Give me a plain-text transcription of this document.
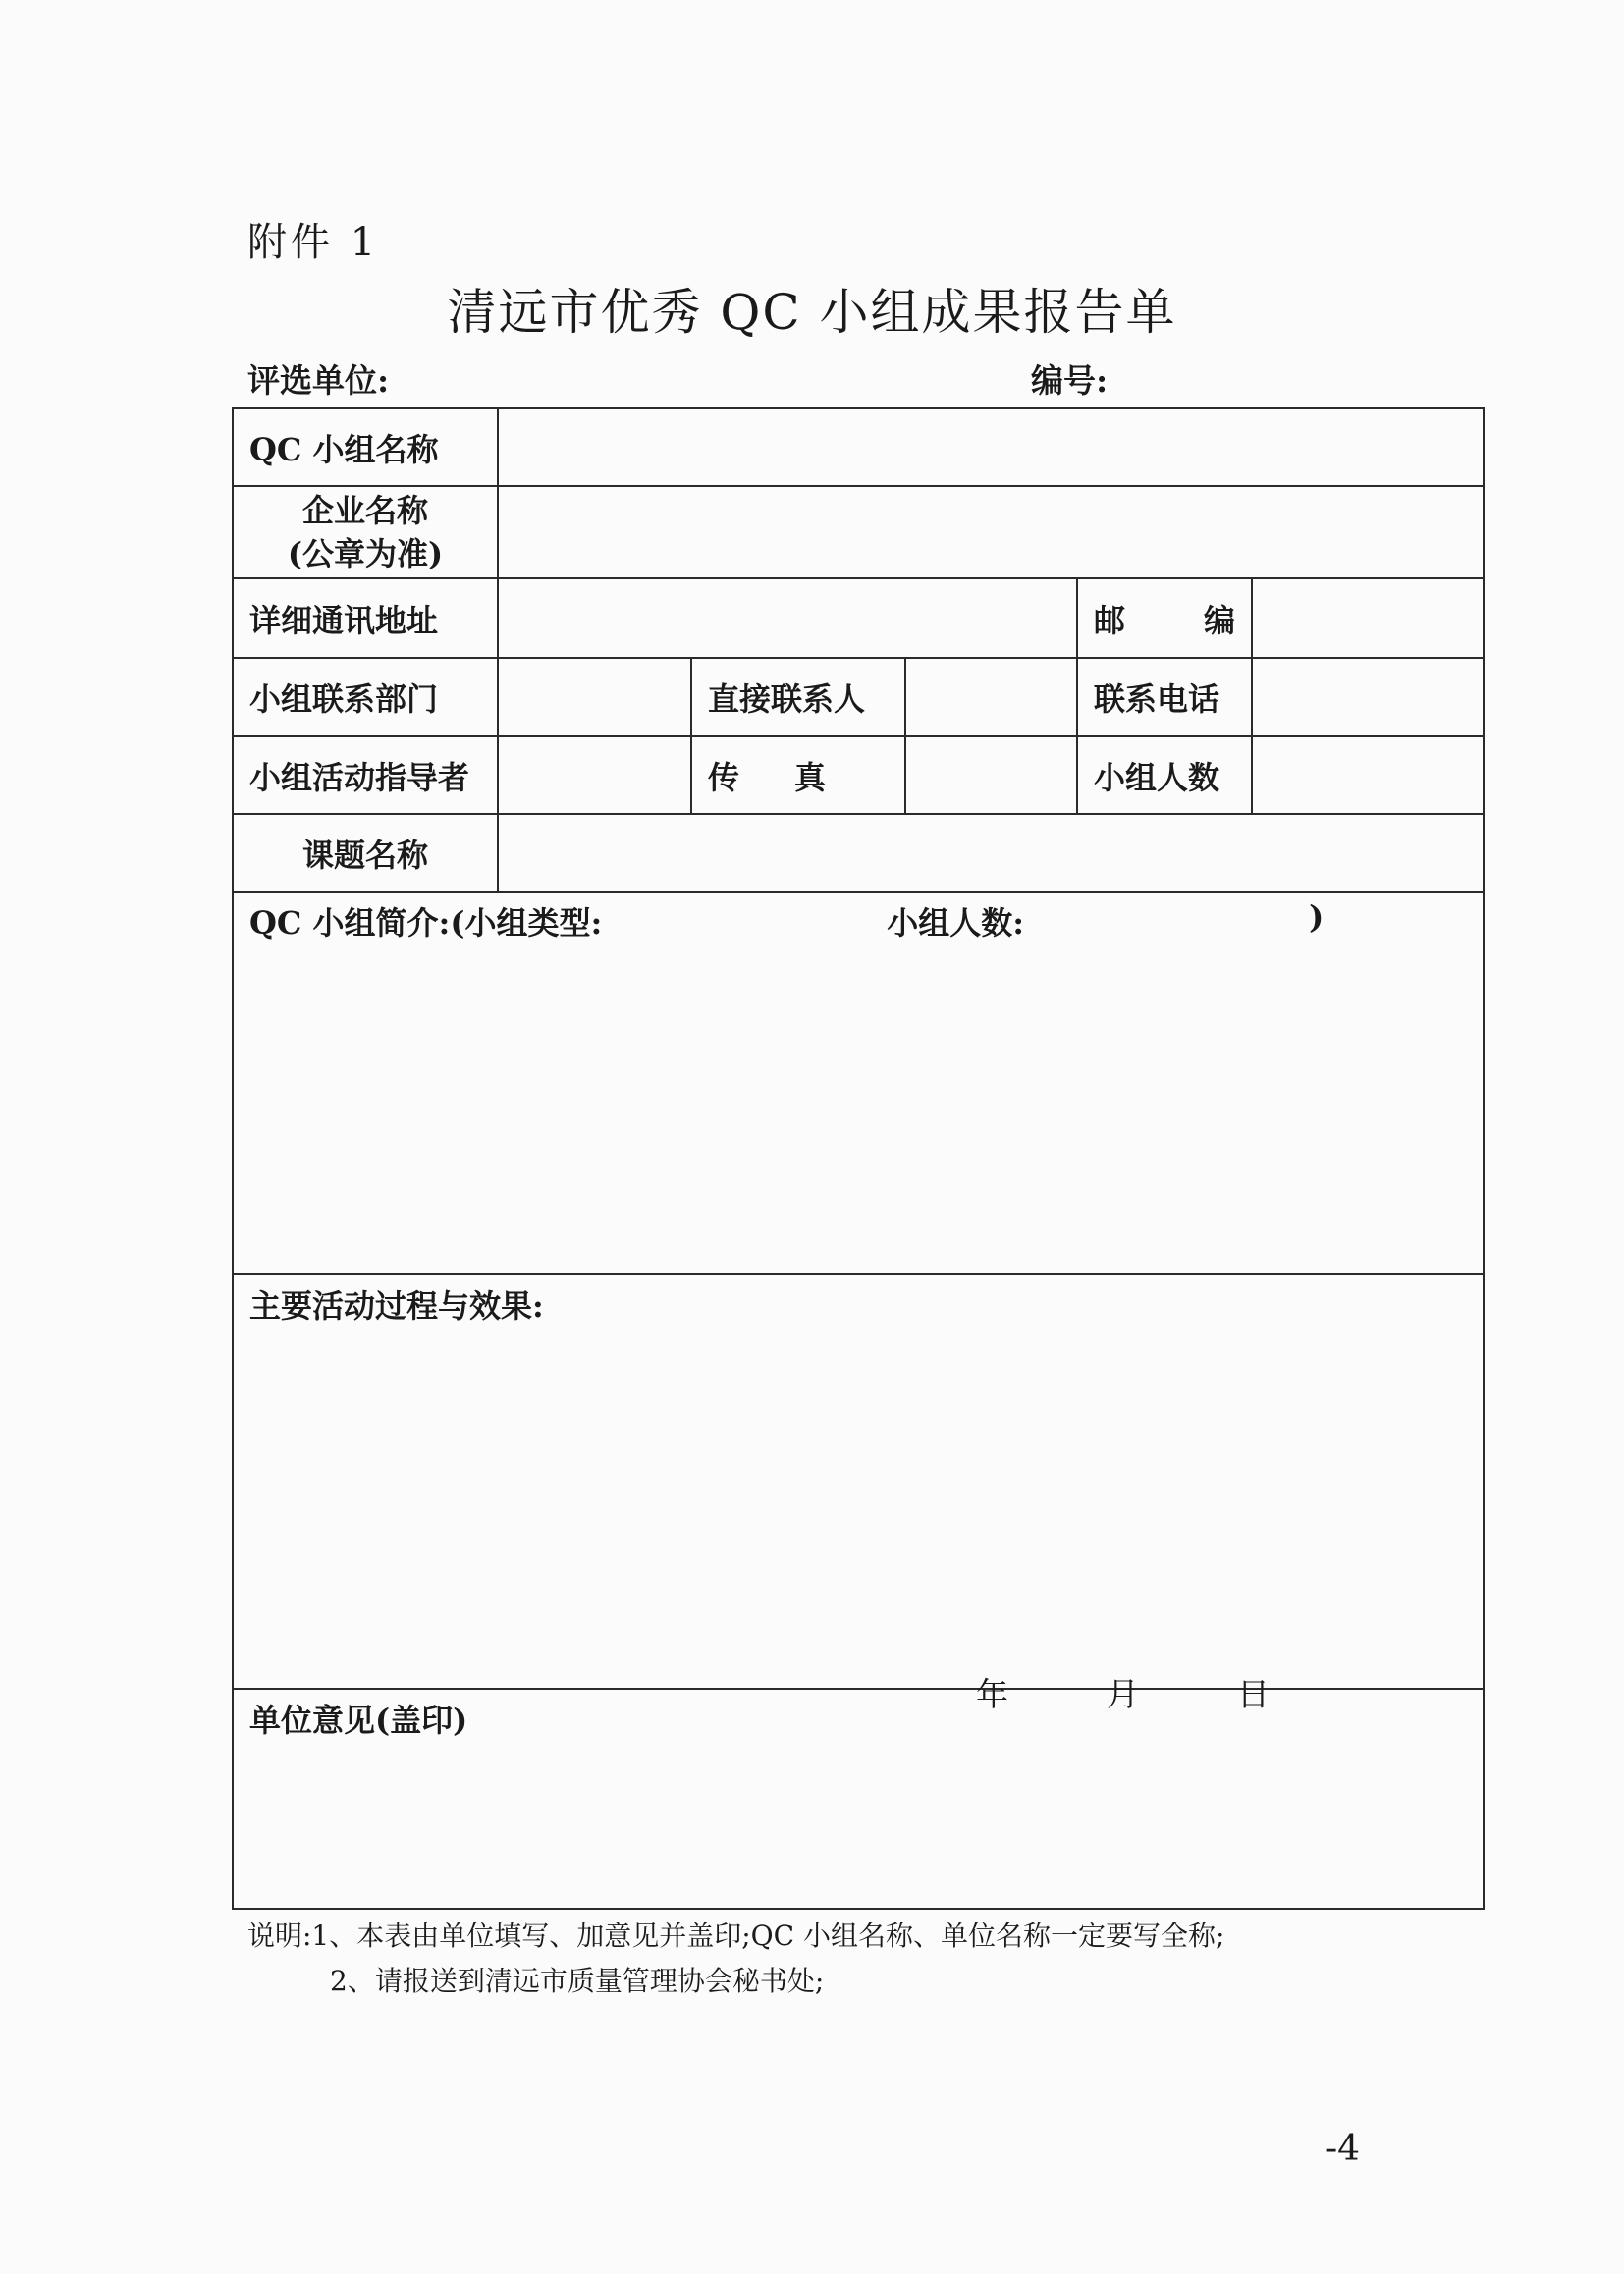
附件 1
清远市优秀 QC 小组成果报告单
评选单位:	编号:
QC 小组名称					

企业名称
(公章为准)					

详细通讯地址				邮 编	

小组联系部门		直接联系人		联系电话	
小组活动指导者		传 真		小组人数	
课题名称					

QC 小组简介: (小组类型: 小组人数: )					

主要活动过程与效果:					

单位意见(盖印)
年 月 日					
说明:1、本表由单位填写、加意见并盖印;QC 小组名称、单位名称一定要写全称;
2、请报送到清远市质量管理协会秘书处;
-4
